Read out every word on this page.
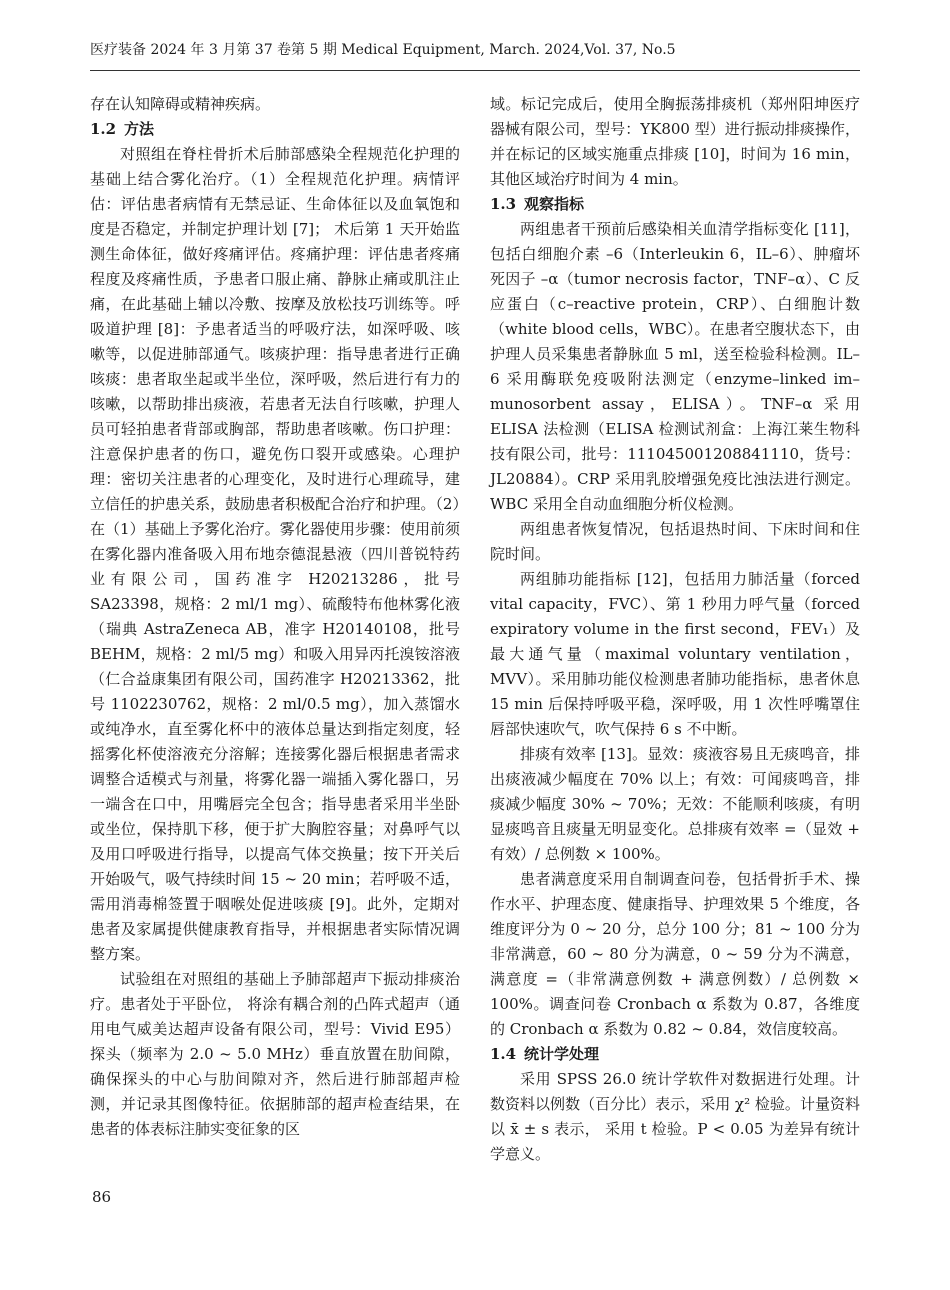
医疗装备 2024 年 3 月第 37 卷第 5 期 Medical Equipment, March. 2024,Vol. 37, No.5

存在认知障碍或精神疾病。

1.2 方法

对照组在脊柱骨折术后肺部感染全程规范化护理的基础上结合雾化治疗。（1）全程规范化护理。病情评估：评估患者病情有无禁忌证、生命体征以及血氧饱和度是否稳定，并制定护理计划 [7]； 术后第 1 天开始监测生命体征，做好疼痛评估。疼痛护理：评估患者疼痛程度及疼痛性质，予患者口服止痛、静脉止痛或肌注止痛，在此基础上辅以冷敷、按摩及放松技巧训练等。呼吸道护理 [8]：予患者适当的呼吸疗法，如深呼吸、咳嗽等，以促进肺部通气。咳痰护理：指导患者进行正确咳痰：患者取坐起或半坐位，深呼吸，然后进行有力的咳嗽，以帮助排出痰液，若患者无法自行咳嗽，护理人员可轻拍患者背部或胸部，帮助患者咳嗽。伤口护理：注意保护患者的伤口，避免伤口裂开或感染。心理护理：密切关注患者的心理变化，及时进行心理疏导，建立信任的护患关系，鼓励患者积极配合治疗和护理。（2）在（1）基础上予雾化治疗。雾化器使用步骤：使用前须在雾化器内准备吸入用布地奈德混悬液（四川普锐特药业有限公司，国药准字 H20213286，批号 SA23398，规格：2 ml/1 mg）、硫酸特布他林雾化液（瑞典 AstraZeneca AB，准字 H20140108，批号 BEHM，规格：2 ml/5 mg）和吸入用异丙托溴铵溶液（仁合益康集团有限公司，国药准字 H20213362，批号 1102230762，规格：2 ml/0.5 mg），加入蒸馏水或纯净水，直至雾化杯中的液体总量达到指定刻度，轻摇雾化杯使溶液充分溶解；连接雾化器后根据患者需求调整合适模式与剂量，将雾化器一端插入雾化器口，另一端含在口中，用嘴唇完全包含；指导患者采用半坐卧或坐位，保持肌下移，便于扩大胸腔容量；对鼻呼气以及用口呼吸进行指导，以提高气体交换量；按下开关后开始吸气，吸气持续时间 15 ~ 20 min；若呼吸不适，需用消毒棉签置于咽喉处促进咳痰 [9]。此外，定期对患者及家属提供健康教育指导，并根据患者实际情况调整方案。

试验组在对照组的基础上予肺部超声下振动排痰治疗。患者处于平卧位， 将涂有耦合剂的凸阵式超声（通用电气威美达超声设备有限公司，型号：Vivid E95）探头（频率为 2.0 ~ 5.0 MHz）垂直放置在肋间隙，确保探头的中心与肋间隙对齐，然后进行肺部超声检测，并记录其图像特征。依据肺部的超声检查结果，在患者的体表标注肺实变征象的区

域。标记完成后，使用全胸振荡排痰机（郑州阳坤医疗器械有限公司，型号：YK800 型）进行振动排痰操作，并在标记的区域实施重点排痰 [10]，时间为 16 min，其他区域治疗时间为 4 min。

1.3 观察指标

两组患者干预前后感染相关血清学指标变化 [11]，包括白细胞介素 –6（Interleukin 6，IL–6）、肿瘤坏死因子 –α（tumor necrosis factor，TNF–α）、C 反应蛋白（c–reactive protein，CRP）、白细胞计数（white blood cells，WBC）。在患者空腹状态下，由护理人员采集患者静脉血 5 ml，送至检验科检测。IL–6 采用酶联免疫吸附法测定（enzyme–linked im–munosorbent assay，ELISA）。TNF–α 采用 ELISA 法检测（ELISA 检测试剂盒：上海江莱生物科技有限公司，批号：111045001208841110，货号：JL20884）。CRP 采用乳胶增强免疫比浊法进行测定。WBC 采用全自动血细胞分析仪检测。

两组患者恢复情况，包括退热时间、下床时间和住院时间。

两组肺功能指标 [12]，包括用力肺活量（forced vital capacity，FVC）、第 1 秒用力呼气量（forced expiratory volume in the first second，FEV₁）及最大通气量（maximal voluntary ventilation，MVV）。采用肺功能仪检测患者肺功能指标，患者休息 15 min 后保持呼吸平稳，深呼吸，用 1 次性呼嘴罩住唇部快速吹气，吹气保持 6 s 不中断。

排痰有效率 [13]。显效：痰液容易且无痰鸣音，排出痰液减少幅度在 70% 以上；有效：可闻痰鸣音，排痰减少幅度 30% ~ 70%；无效：不能顺利咳痰，有明显痰鸣音且痰量无明显变化。总排痰有效率 =（显效 + 有效）/ 总例数 × 100%。

患者满意度采用自制调查问卷，包括骨折手术、操作水平、护理态度、健康指导、护理效果 5 个维度，各维度评分为 0 ~ 20 分，总分 100 分；81 ~ 100 分为非常满意，60 ~ 80 分为满意，0 ~ 59 分为不满意，满意度 =（非常满意例数 + 满意例数）/ 总例数 × 100%。调查问卷 Cronbach α 系数为 0.87，各维度的 Cronbach α 系数为 0.82 ~ 0.84，效信度较高。

1.4 统计学处理

采用 SPSS 26.0 统计学软件对数据进行处理。计数资料以例数（百分比）表示，采用 χ² 检验。计量资料以 x̄ ± s 表示， 采用 t 检验。P < 0.05 为差异有统计学意义。

86
